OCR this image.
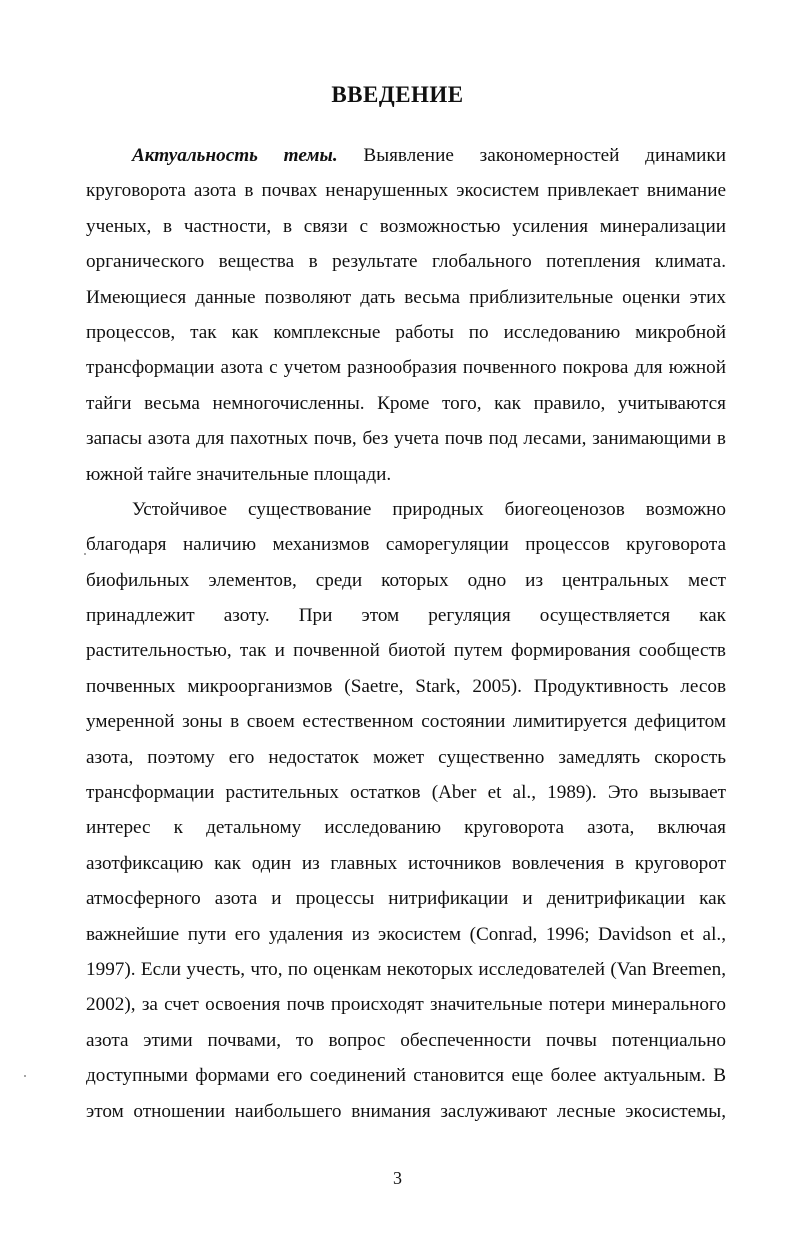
ВВЕДЕНИЕ
Актуальность темы. Выявление закономерностей динамики
круговорота азота в почвах ненарушенных экосистем привлекает внимание
ученых, в частности, в связи с возможностью усиления минерализации
органического вещества в результате глобального потепления климата.
Имеющиеся данные позволяют дать весьма приблизительные оценки этих
процессов, так как комплексные работы по исследованию микробной
трансформации азота с учетом разнообразия почвенного покрова для южной
тайги весьма немногочисленны. Кроме того, как правило, учитываются
запасы азота для пахотных почв, без учета почв под лесами, занимающими в
южной тайге значительные площади.
Устойчивое существование природных биогеоценозов возможно
благодаря наличию механизмов саморегуляции процессов круговорота
биофильных элементов, среди которых одно из центральных мест
принадлежит азоту. При этом регуляция осуществляется как
растительностью, так и почвенной биотой путем формирования сообществ
почвенных микроорганизмов (Saetre, Stark, 2005). Продуктивность лесов
умеренной зоны в своем естественном состоянии лимитируется дефицитом
азота, поэтому его недостаток может существенно замедлять скорость
трансформации растительных остатков (Aber et al., 1989). Это вызывает
интерес к детальному исследованию круговорота азота, включая
азотфиксацию как один из главных источников вовлечения в круговорот
атмосферного азота и процессы нитрификации и денитрификации как
важнейшие пути его удаления из экосистем (Conrad, 1996; Davidson et al.,
1997). Если учесть, что, по оценкам некоторых исследователей (Van Breemen,
2002), за счет освоения почв происходят значительные потери минерального
азота этими почвами, то вопрос обеспеченности почвы потенциально
доступными формами его соединений становится еще более актуальным. В
этом отношении наибольшего внимания заслуживают лесные экосистемы,
3
